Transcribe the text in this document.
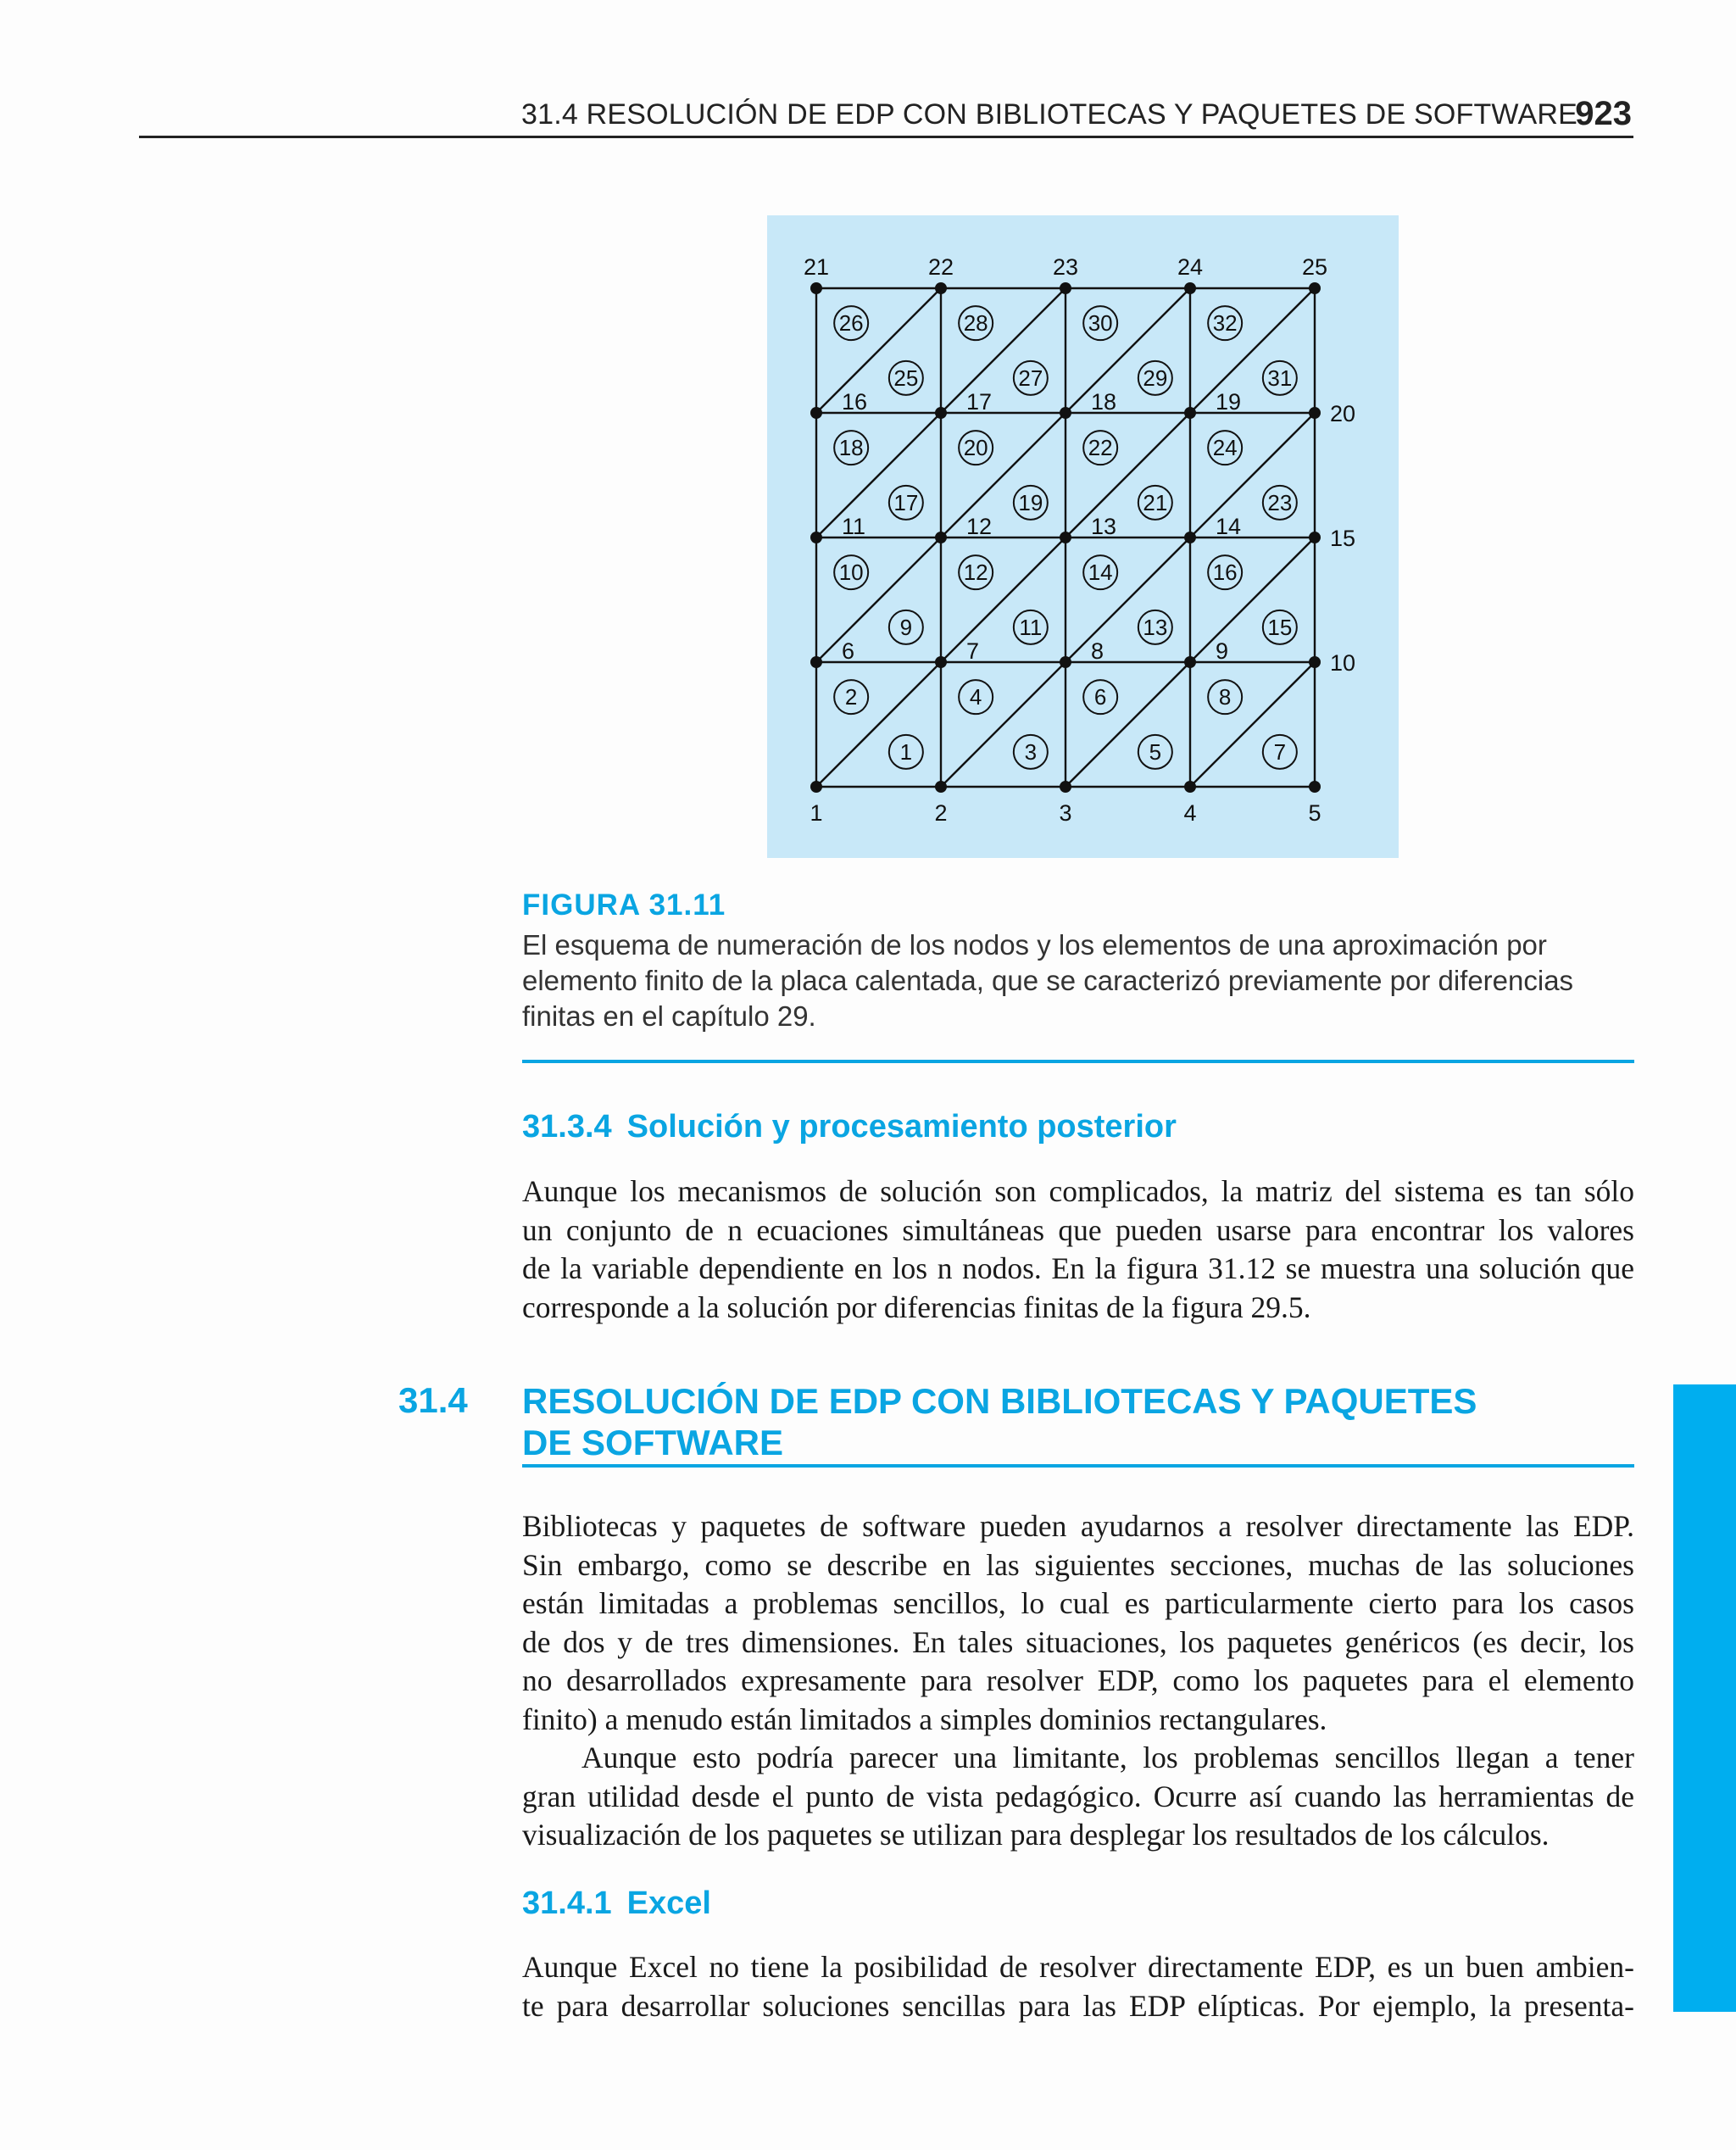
31.4 RESOLUCIÓN DE EDP CON BIBLIOTECAS Y PAQUETES DE SOFTWARE
923
1
2
3
4
5
6
7
8
9
10
11
12
13
14
15
16
17
18
19
20
21
22
23
24
25
26
27
28
29
30
31
32
1	2	3	4	5
6	7	8	9	10
11	12	13	14	15
16	17	18	19	20
21	22	23	24	25

FIGURA 31.11

El esquema de numeración de los nodos y los elementos de una aproximación por elemento finito de la placa calentada, que se caracterizó previamente por diferencias finitas en el capítulo 29.

31.3.4 Solución y procesamiento posterior

Aunque los mecanismos de solución son complicados, la matriz del sistema es tan sólo
un conjunto de n ecuaciones simultáneas que pueden usarse para encontrar los valores
de la variable dependiente en los n nodos. En la figura 31.12 se muestra una solución que
corresponde a la solución por diferencias finitas de la figura 29.5.

31.4 RESOLUCIÓN DE EDP CON BIBLIOTECAS Y PAQUETES
DE SOFTWARE

Bibliotecas y paquetes de software pueden ayudarnos a resolver directamente las EDP.
Sin embargo, como se describe en las siguientes secciones, muchas de las soluciones
están limitadas a problemas sencillos, lo cual es particularmente cierto para los casos
de dos y de tres dimensiones. En tales situaciones, los paquetes genéricos (es decir, los
no desarrollados expresamente para resolver EDP, como los paquetes para el elemento
finito) a menudo están limitados a simples dominios rectangulares.
Aunque esto podría parecer una limitante, los problemas sencillos llegan a tener
gran utilidad desde el punto de vista pedagógico. Ocurre así cuando las herramientas de
visualización de los paquetes se utilizan para desplegar los resultados de los cálculos.

31.4.1 Excel

Aunque Excel no tiene la posibilidad de resolver directamente EDP, es un buen ambien-
te para desarrollar soluciones sencillas para las EDP elípticas. Por ejemplo, la presenta-
